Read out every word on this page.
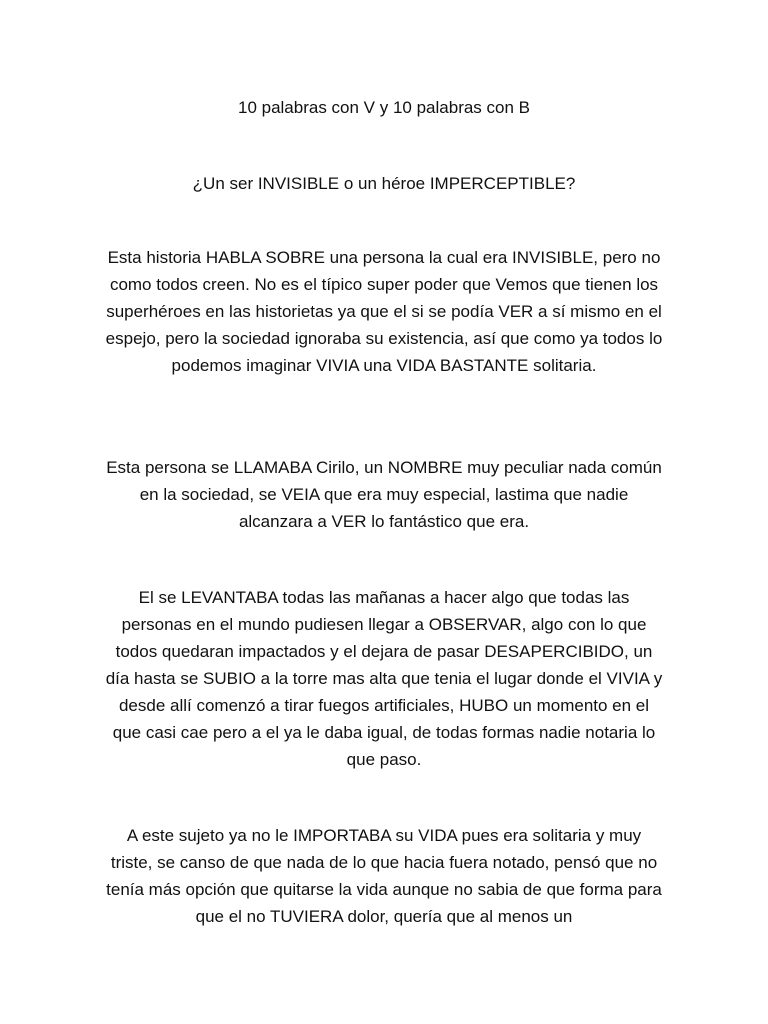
10 palabras con V y 10 palabras con B

¿Un ser INVISIBLE o un héroe IMPERCEPTIBLE?

Esta historia HABLA SOBRE una persona la cual era INVISIBLE, pero no como todos creen. No es el típico super poder que Vemos que tienen los superhéroes en las historietas ya que el si se podía VER a sí mismo en el espejo, pero la sociedad ignoraba su existencia, así que como ya todos lo podemos imaginar VIVIA una VIDA BASTANTE solitaria.

Esta persona se LLAMABA Cirilo, un NOMBRE muy peculiar nada común en la sociedad, se VEIA que era muy especial, lastima que nadie alcanzara a VER lo fantástico que era.

El se LEVANTABA todas las mañanas a hacer algo que todas las personas en el mundo pudiesen llegar a OBSERVAR, algo con lo que todos quedaran impactados y el dejara de pasar DESAPERCIBIDO, un día hasta se SUBIO a la torre mas alta que tenia el lugar donde el VIVIA y desde allí comenzó a tirar fuegos artificiales, HUBO un momento en el que casi cae pero a el ya le daba igual, de todas formas nadie notaria lo que paso.

A este sujeto ya no le IMPORTABA su VIDA pues era solitaria y muy triste, se canso de que nada de lo que hacia fuera notado, pensó que no tenía más opción que quitarse la vida aunque no sabia de que forma para que el no TUVIERA dolor, quería que al menos un
